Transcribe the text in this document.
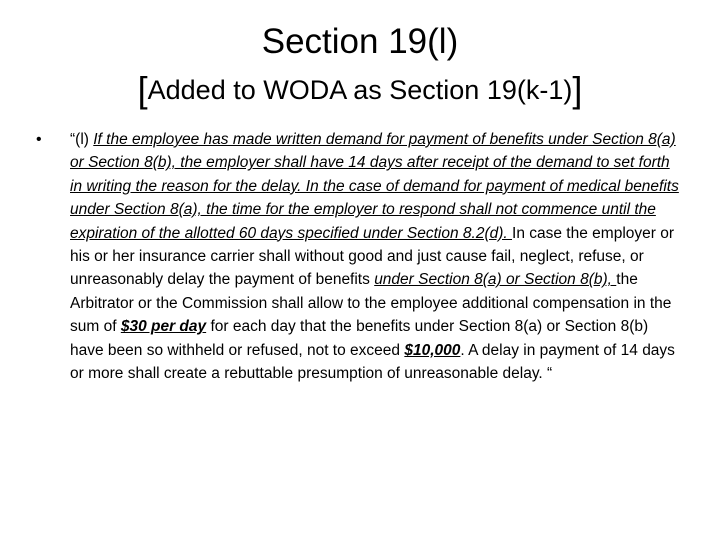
Section 19(l)
[Added to WODA as Section 19(k-1)]
•	“(l) If the employee has made written demand for payment of benefits under Section 8(a) or Section 8(b), the employer shall have 14 days after receipt of the demand to set forth in writing the reason for the delay. In the case of demand for payment of medical benefits under Section 8(a), the time for the employer to respond shall not commence until the expiration of the allotted 60 days specified under Section 8.2(d). In case the employer or his or her insurance carrier shall without good and just cause fail, neglect, refuse, or unreasonably delay the payment of benefits under Section 8(a) or Section 8(b), the Arbitrator or the Commission shall allow to the employee additional compensation in the sum of $30 per day for each day that the benefits under Section 8(a) or Section 8(b) have been so withheld or refused, not to exceed $10,000. A delay in payment of 14 days or more shall create a rebuttable presumption of unreasonable delay. “
